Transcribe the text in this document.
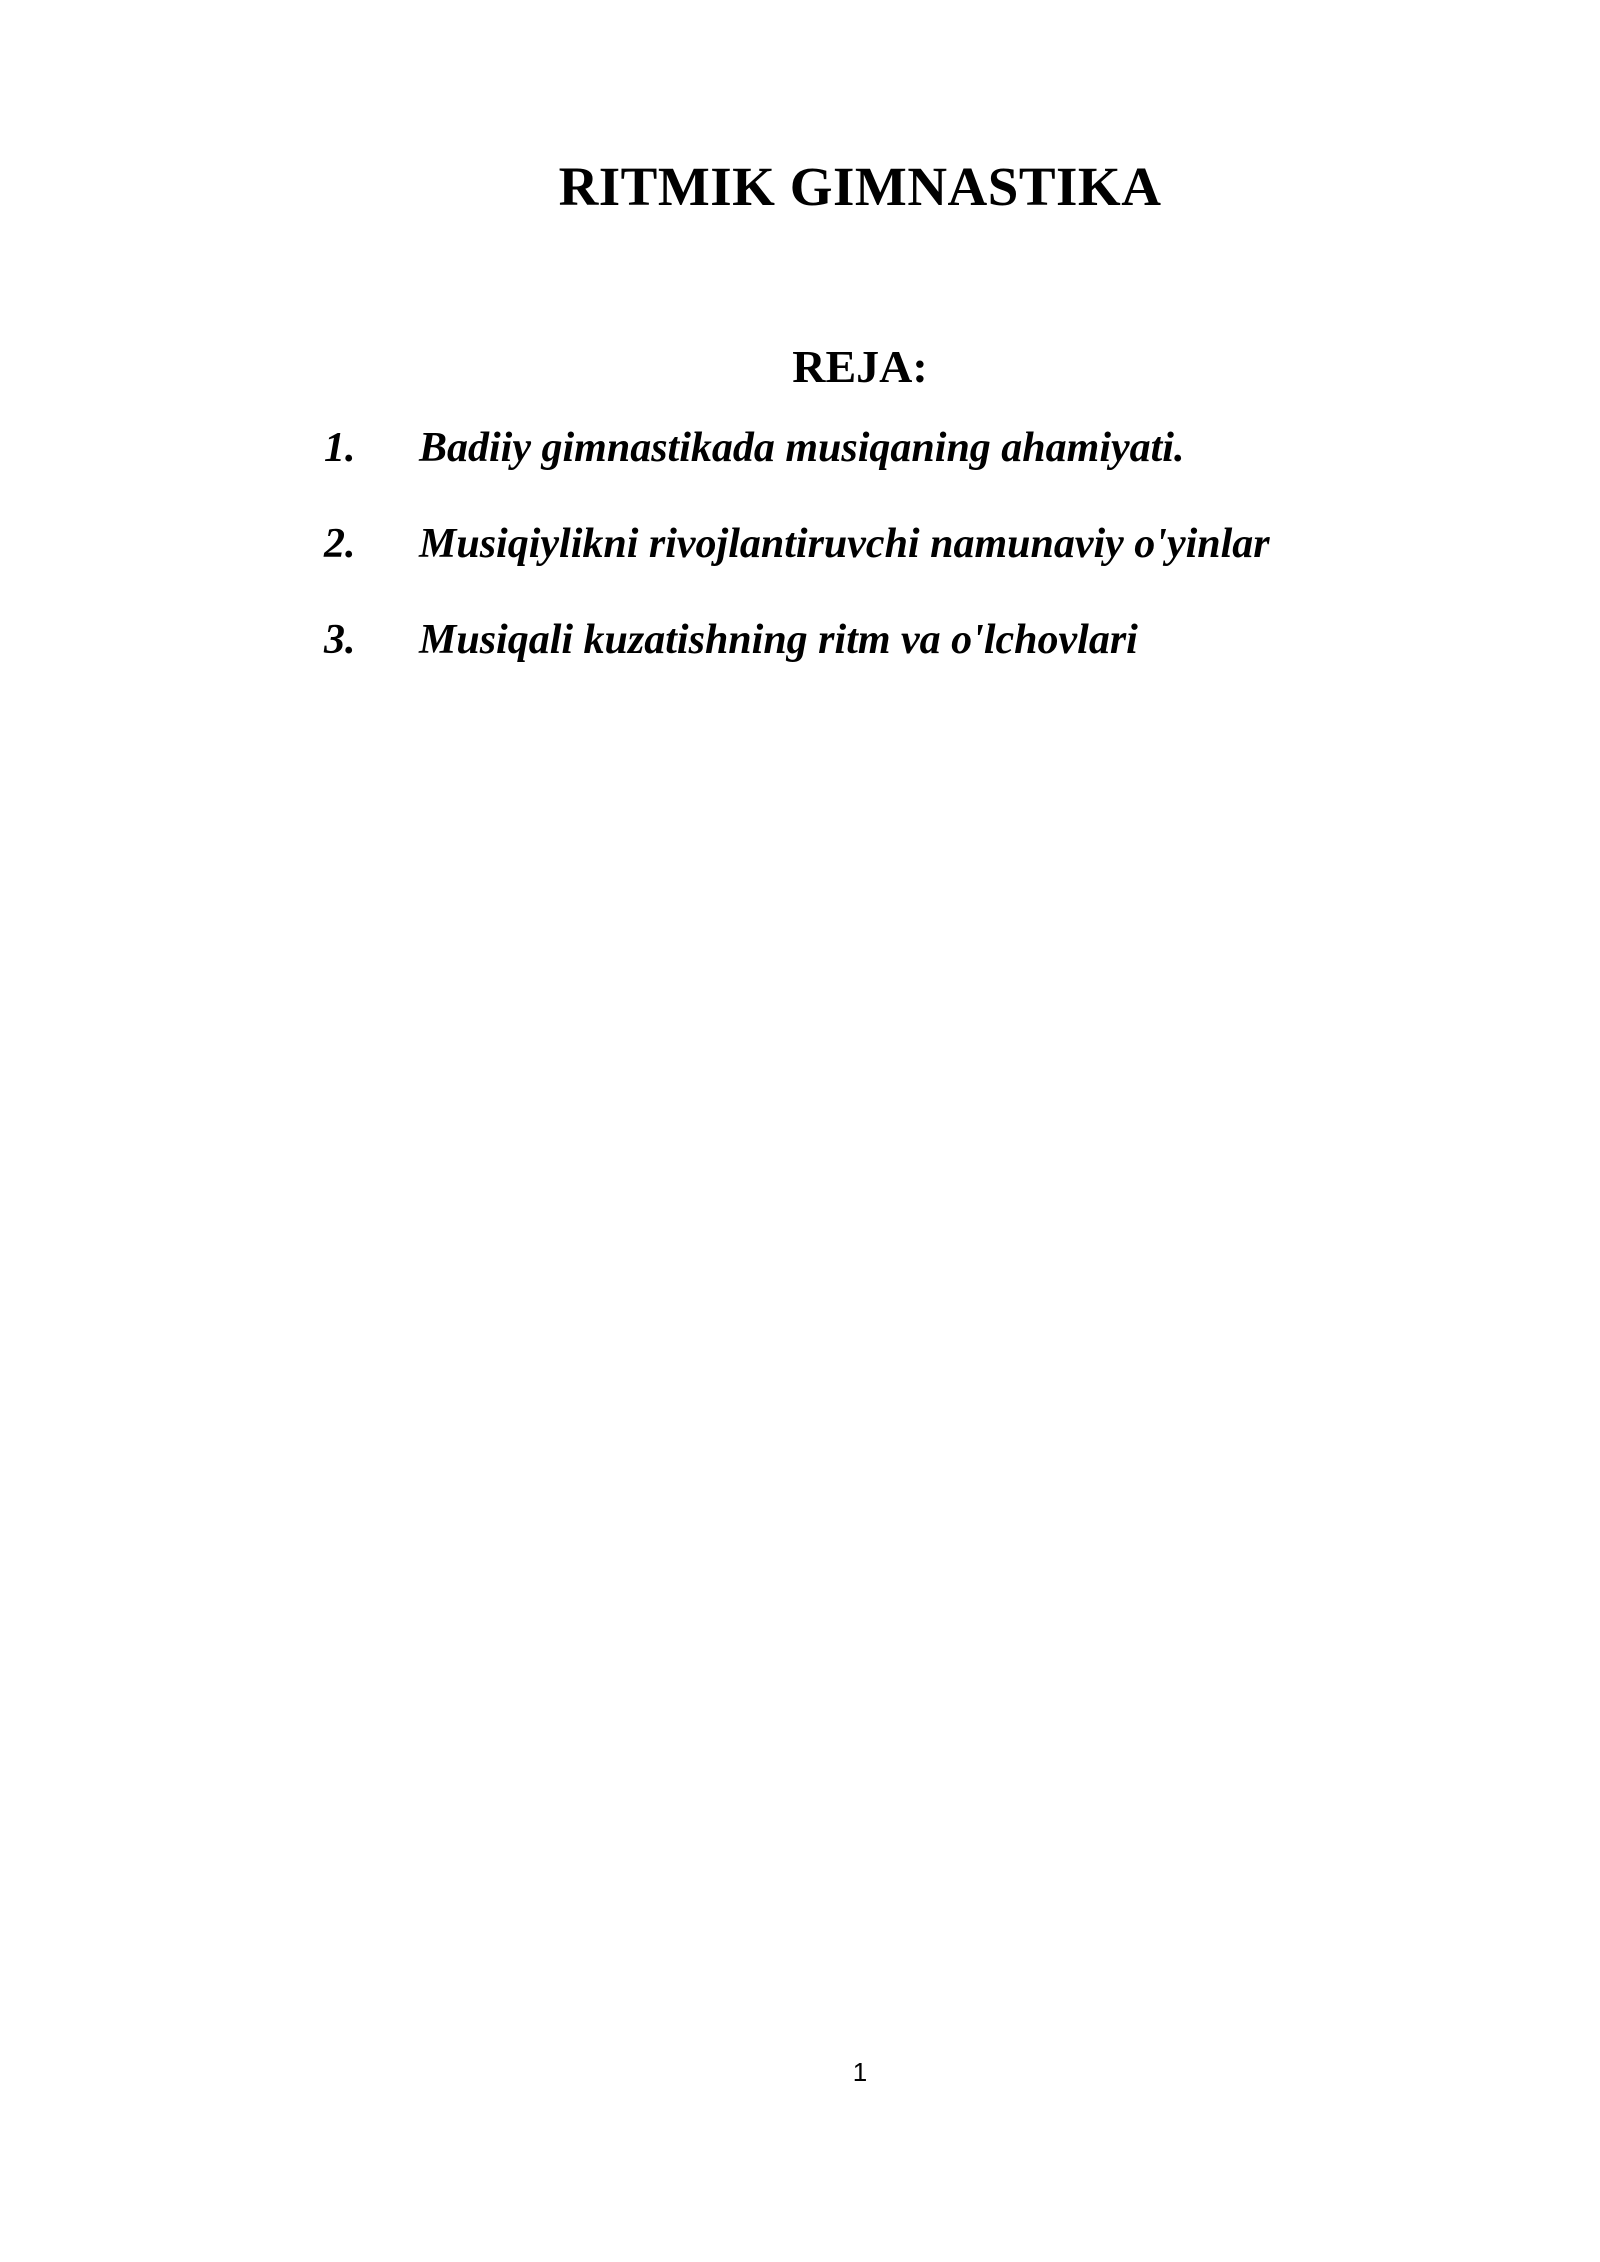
RITMIK GIMNASTIKA
REJA:
1. Badiiy gimnastikada musiqaning ahamiyati.
2. Musiqiylikni rivojlantiruvchi namunaviy o'yinlar
3. Musiqali kuzatishning ritm va o'lchovlari
1
